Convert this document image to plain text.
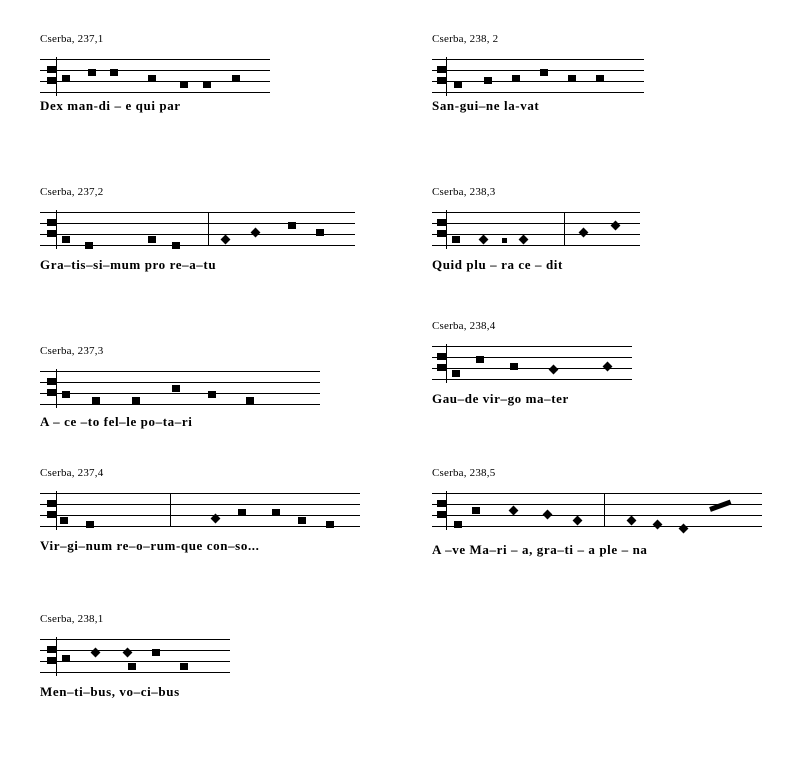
Cserba, 237,1
Dex man-di – e qui par
Cserba, 238, 2
San-gui–ne la-vat
Cserba, 237,2
Gra–tis–si–mum pro re–a–tu
Cserba, 238,3
Quid plu – ra ce – dit
Cserba, 237,3
A – ce –to fel–le po–ta–ri
Cserba, 238,4
Gau–de vir–go ma–ter
Cserba, 237,4
Vir–gi–num re–o–rum-que con–so...
Cserba, 238,5
A –ve Ma–ri – a, gra–ti – a ple – na
Cserba, 238,1
Men–ti–bus, vo–ci–bus
